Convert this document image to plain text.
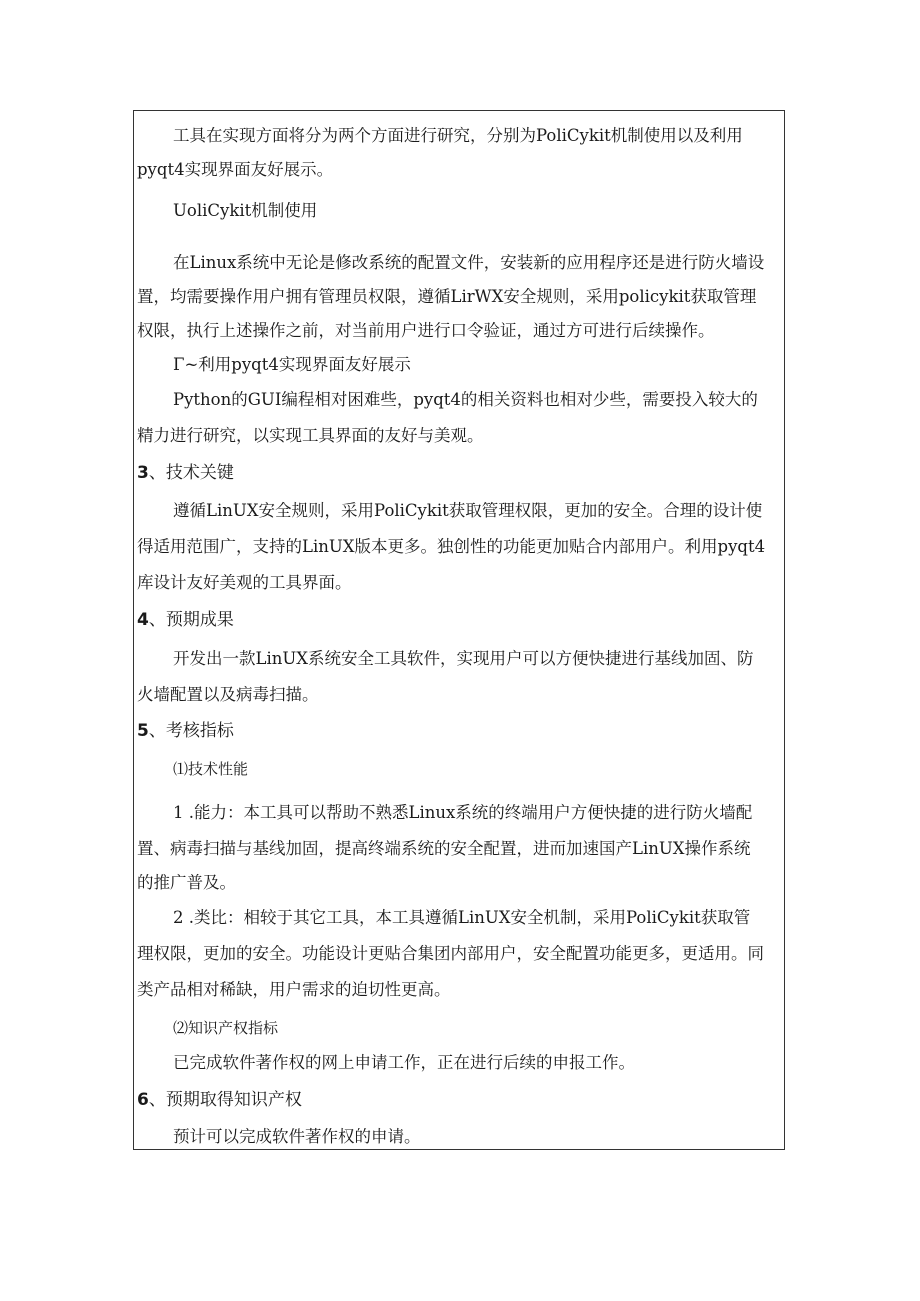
工具在实现方面将分为两个方面进行研究，分别为PoliCykit机制使用以及利用
pyqt4实现界面友好展示。
UoliCykit机制使用
在Linux系统中无论是修改系统的配置文件，安装新的应用程序还是进行防火墙设
置，均需要操作用户拥有管理员权限，遵循LirWX安全规则，采用policykit获取管理
权限，执行上述操作之前，对当前用户进行口令验证，通过方可进行后续操作。
Γ~利用pyqt4实现界面友好展示
Python的GUI编程相对困难些，pyqt4的相关资料也相对少些，需要投入较大的
精力进行研究，以实现工具界面的友好与美观。
3、技术关键
遵循LinUX安全规则，采用PoliCykit获取管理权限，更加的安全。合理的设计使
得适用范围广，支持的LinUX版本更多。独创性的功能更加贴合内部用户。利用pyqt4
库设计友好美观的工具界面。
4、预期成果
开发出一款LinUX系统安全工具软件，实现用户可以方便快捷进行基线加固、防
火墙配置以及病毒扫描。
5、考核指标
⑴技术性能
1 .能力：本工具可以帮助不熟悉Linux系统的终端用户方便快捷的进行防火墙配
置、病毒扫描与基线加固，提高终端系统的安全配置，进而加速国产LinUX操作系统
的推广普及。
2 .类比：相较于其它工具，本工具遵循LinUX安全机制，采用PoliCykit获取管
理权限，更加的安全。功能设计更贴合集团内部用户，安全配置功能更多，更适用。同
类产品相对稀缺，用户需求的迫切性更高。
⑵知识产权指标
已完成软件著作权的网上申请工作，正在进行后续的申报工作。
6、预期取得知识产权
预计可以完成软件著作权的申请。
